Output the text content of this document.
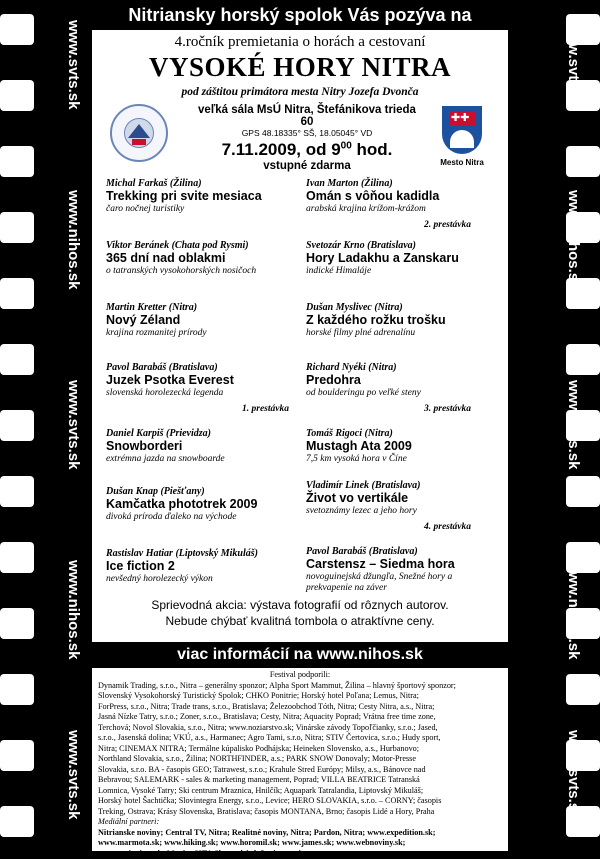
www.svts.sk
www.nihos.sk
www.svts.sk
www.nihos.sk
www.svts.sk
www.svts.sk
www.nihos.sk
www.svts.sk
www.nihos.sk
www.svts.sk
Nitriansky horský spolok Vás pozýva na
4.ročník premietania o horách a cestovaní
VYSOKÉ HORY NITRA
pod záštitou primátora mesta Nitry Jozefa Dvonča
veľká sála MsÚ Nitra, Štefánikova trieda 60
GPS 48.18335° SŠ, 18.05045° VD
7.11.2009, od $9^{00}$ hod.
vstupné zdarma
✚✚
Mesto Nitra
Michal Farkaš (Žilina)
Trekking pri svite mesiaca
čaro nočnej turistiky
Viktor Beránek (Chata pod Rysmi)
365 dní nad oblakmi
o tatranských vysokohorských nosičoch
Martin Kretter (Nitra)
Nový Zéland
krajina rozmanitej prírody
Pavol Barabáš (Bratislava)
Juzek Psotka Everest
slovenská horolezecká legenda
1. prestávka
Daniel Karpiš (Prievidza)
Snowborderi
extrémna jazda na snowboarde
Dušan Knap (Piešťany)
Kamčatka phototrek 2009
divoká príroda ďaleko na východe
Rastislav Hatiar (Liptovský Mikuláš)
Ice fiction 2
nevšedný horolezecký výkon
Ivan Marton (Žilina)
Omán s vôňou kadidla
arabská krajina krížom-krážom
2. prestávka
Svetozár Krno (Bratislava)
Hory Ladakhu a Zanskaru
indické Himaláje
Dušan Myslivec (Nitra)
Z každého rožku trošku
horské filmy plné adrenalínu
Richard Nyéki (Nitra)
Predohra
od boulderingu po veľké steny
3. prestávka
Tomáš Rigoci (Nitra)
Mustagh Ata 2009
7,5 km vysoká hora v Číne
Vladimír Linek (Bratislava)
Život vo vertikále
svetoznámy lezec a jeho hory
4. prestávka
Pavol Barabáš (Bratislava)
Carstensz – Siedma hora
novoguinejská džungľa, Snežné hory a prekvapenie na záver
Sprievodná akcia: výstava fotografií od rôznych autorov.
Nebude chýbať kvalitná tombola o atraktívne ceny.
viac informácií na www.nihos.sk
Festival podporili:
Dynamik Trading, s.r.o., Nitra – generálny sponzor; Alpha Sport Mammut, Žilina – hlavný športový sponzor;
Slovenský Vysokohorský Turistický Spolok; CHKO Ponitrie; Horský hotel Poľana; Lemus, Nitra;
ForPress, s.r.o., Nitra; Trade trans, s.r.o., Bratislava; Železoobchod Tóth, Nitra; Cesty Nitra, a.s., Nitra;
Jasná Nízke Tatry, s.r.o.; Zoner, s.r.o., Bratislava; Cesty, Nitra; Aquacity Poprad; Vrátna free time zone,
Terchová; Novol Slovakia, s.r.o., Nitra; www.noziarstvo.sk; Vinárske závody Topoľčianky, s.r.o.; Jased,
s.r.o., Jasenská dolina; VKÚ, a.s., Harmanec; Agro Tami, s.r.o, Nitra; STIV Čertovica, s.r.o.; Hudy sport,
Nitra; CINEMAX NITRA; Termálne kúpalisko Podhájska; Heineken Slovensko, a.s., Hurbanovo;
Northland Slovakia, s.r.o., Žilina; NORTHFINDER, a.s.; PARK SNOW Donovaly; Motor-Presse
Slovakia, s.r.o. BA - časopis GEO; Tatrawest, s.r.o.; Krahule Stred Európy; Milsy, a.s., Bánovce nad
Bebravou; SALEMARK - sales & marketing management, Poprad; VILLA BEATRICE Tatranská
Lomnica, Vysoké Tatry; Ski centrum Mraznica, Hnilčík; Aquapark Tatralandia, Liptovský Mikuláš;
Horský hotel Šachtička; Slovintegra Energy, s.r.o., Levice; HERO SLOVAKIA, s.r.o. – CORNY; časopis
Treking, Ostrava; Krásy Slovenska, Bratislava; časopis MONTANA, Brno; časopis Lidé a Hory, Praha
Mediální partneri:
Nitrianske noviny; Central TV, Nitra; Realitné noviny, Nitra; Pardon, Nitra; www.expedition.sk;
www.marmota.sk; www.hiking.sk; www.horomil.sk; www.james.sk; www.webnoviny.sk;
www.mojanitra.sk; Magio; SITA Slovenská tlačová agentúra
